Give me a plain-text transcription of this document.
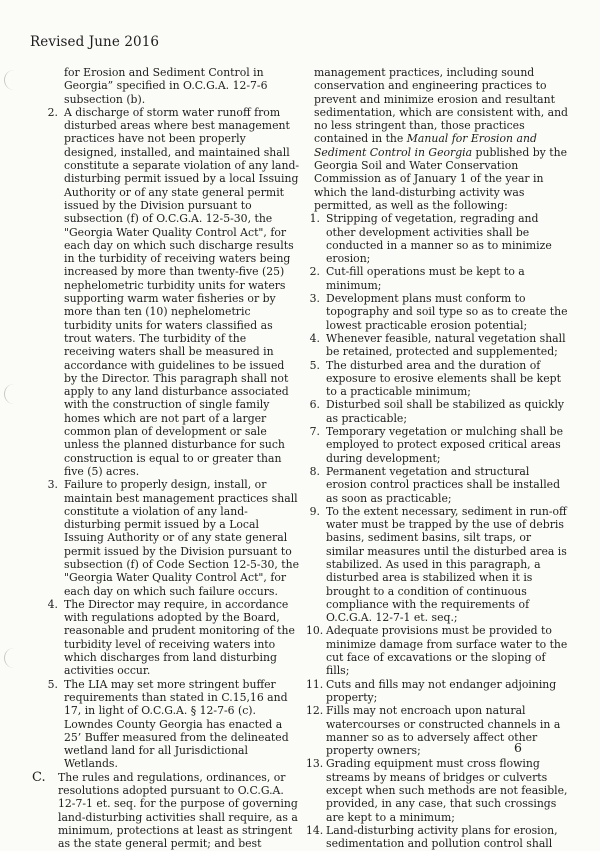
Revised June 2016
for Erosion and Sediment Control in Georgia” specified in O.C.G.A. 12-7-6 subsection (b).
2. A discharge of storm water runoff from disturbed areas where best management practices have not been properly designed, installed, and maintained shall constitute a separate violation of any land-disturbing permit issued by a local Issuing Authority or of any state general permit issued by the Division pursuant to subsection (f) of O.C.G.A. 12-5-30, the "Georgia Water Quality Control Act", for each day on which such discharge results in the turbidity of receiving waters being increased by more than twenty-five (25) nephelometric turbidity units for waters supporting warm water fisheries or by more than ten (10) nephelometric turbidity units for waters classified as trout waters. The turbidity of the receiving waters shall be measured in accordance with guidelines to be issued by the Director. This paragraph shall not apply to any land disturbance associated with the construction of single family homes which are not part of a larger common plan of development or sale unless the planned disturbance for such construction is equal to or greater than five (5) acres.
3. Failure to properly design, install, or maintain best management practices shall constitute a violation of any land-disturbing permit issued by a Local Issuing Authority or of any state general permit issued by the Division pursuant to subsection (f) of Code Section 12-5-30, the "Georgia Water Quality Control Act", for each day on which such failure occurs.
4. The Director may require, in accordance with regulations adopted by the Board, reasonable and prudent monitoring of the turbidity level of receiving waters into which discharges from land disturbing activities occur.
5. The LIA may set more stringent buffer requirements than stated in C.15,16 and 17, in light of O.C.G.A. § 12-7-6 (c). Lowndes County Georgia has enacted a 25’ Buffer measured from the delineated wetland land for all Jurisdictional Wetlands.
C.	The rules and regulations, ordinances, or resolutions adopted pursuant to O.C.G.A. 12-7-1 et. seq. for the purpose of governing land-disturbing activities shall require, as a minimum, protections at least as stringent as the state general permit; and best
management practices, including sound conservation and engineering practices to prevent and minimize erosion and resultant sedimentation, which are consistent with, and no less stringent than, those practices contained in the Manual for Erosion and Sediment Control in Georgia published by the Georgia Soil and Water Conservation Commission as of January 1 of the year in which the land-disturbing activity was permitted, as well as the following:
1. Stripping of vegetation, regrading and other development activities shall be conducted in a manner so as to minimize erosion;
2. Cut-fill operations must be kept to a minimum;
3. Development plans must conform to topography and soil type so as to create the lowest practicable erosion potential;
4. Whenever feasible, natural vegetation shall be retained, protected and supplemented;
5. The disturbed area and the duration of exposure to erosive elements shall be kept to a practicable minimum;
6. Disturbed soil shall be stabilized as quickly as practicable;
7. Temporary vegetation or mulching shall be employed to protect exposed critical areas during development;
8. Permanent vegetation and structural erosion control practices shall be installed as soon as practicable;
9. To the extent necessary, sediment in run-off water must be trapped by the use of debris basins, sediment basins, silt traps, or similar measures until the disturbed area is stabilized. As used in this paragraph, a disturbed area is stabilized when it is brought to a condition of continuous compliance with the requirements of O.C.G.A. 12-7-1 et. seq.;
10. Adequate provisions must be provided to minimize damage from surface water to the cut face of excavations or the sloping of fills;
11. Cuts and fills may not endanger adjoining property;
12. Fills may not encroach upon natural watercourses or constructed channels in a manner so as to adversely affect other property owners;
13. Grading equipment must cross flowing streams by means of bridges or culverts except when such methods are not feasible, provided, in any case, that such crossings are kept to a minimum;
14. Land-disturbing activity plans for erosion, sedimentation and pollution control shall
6
